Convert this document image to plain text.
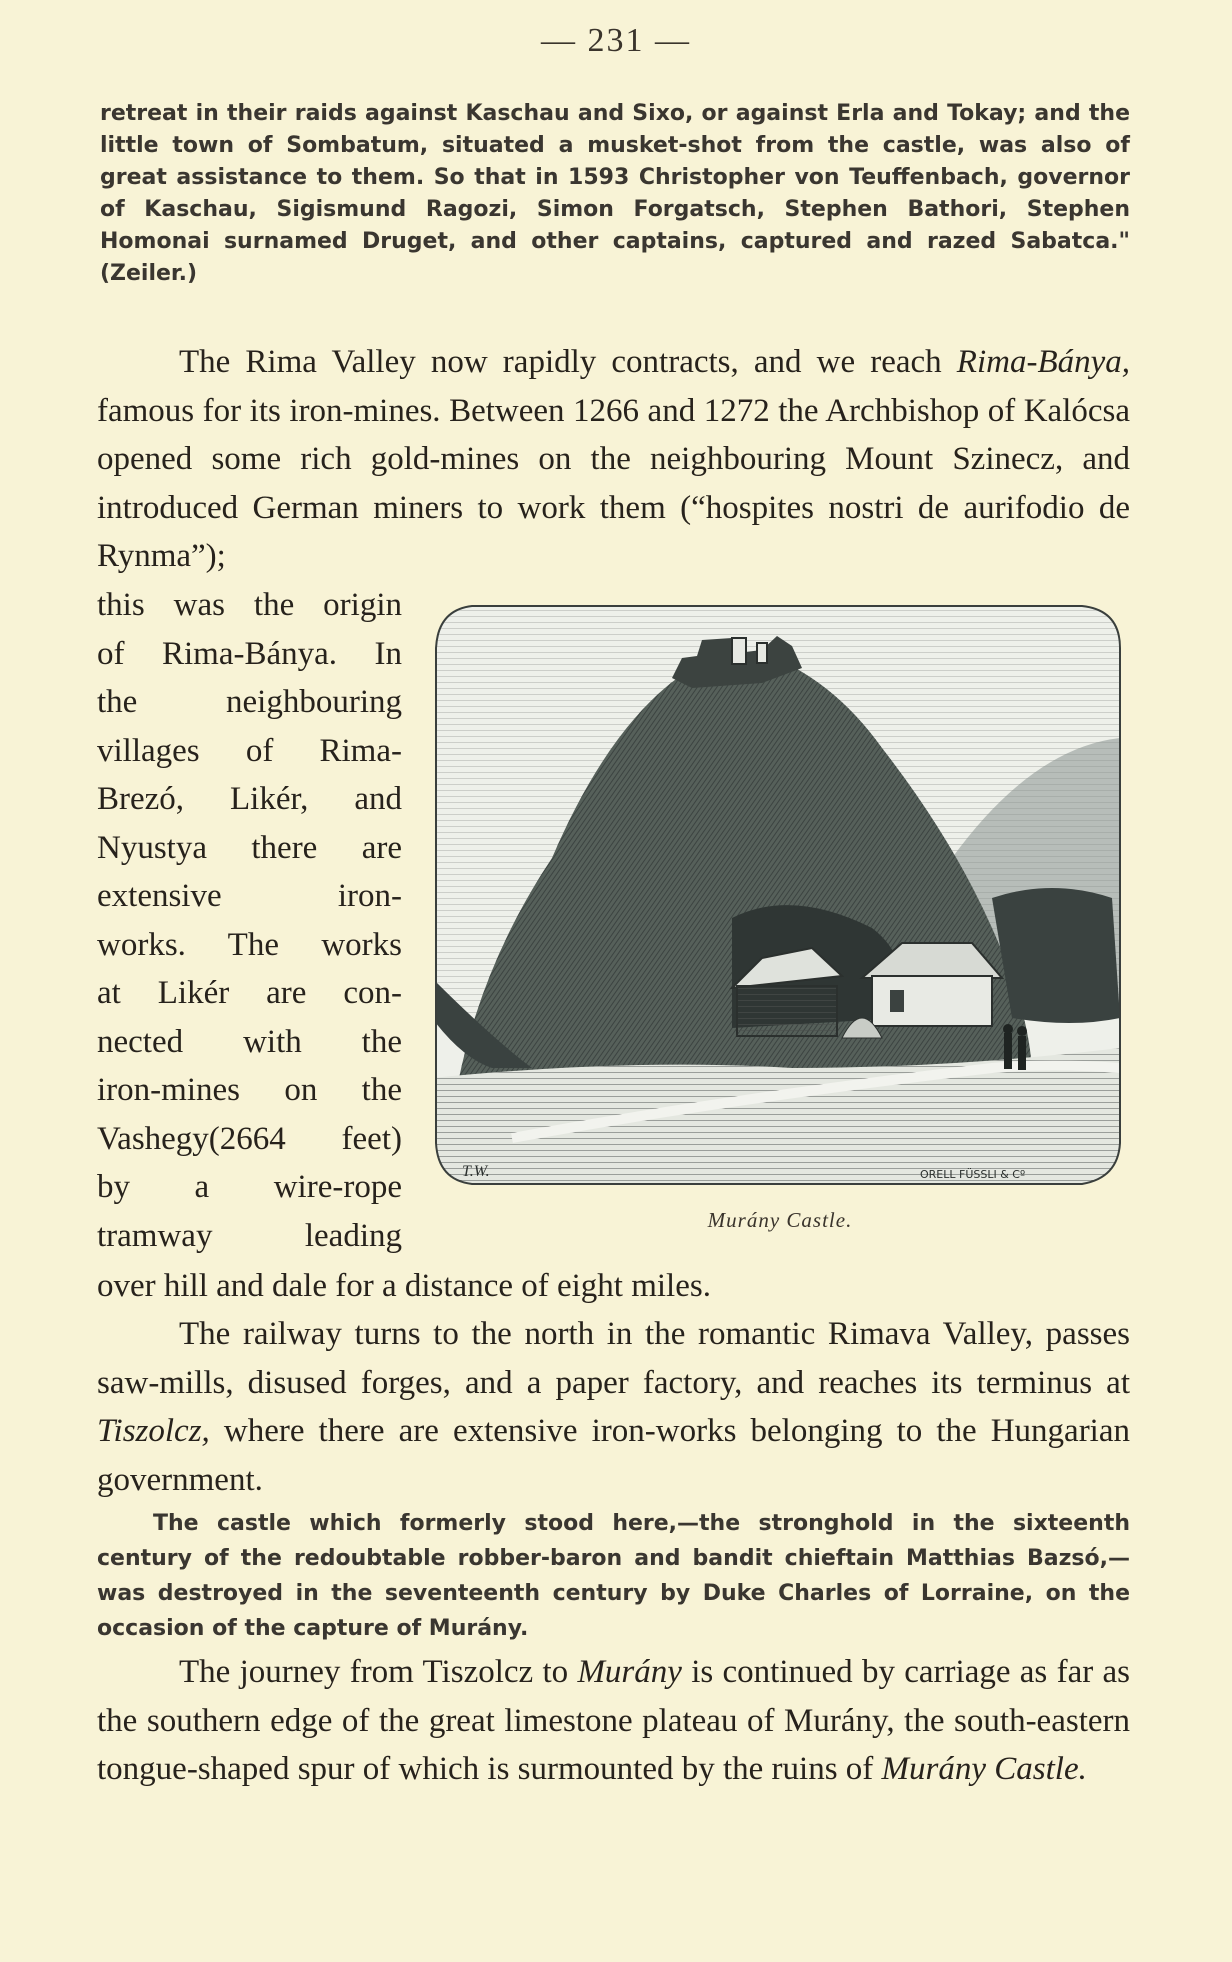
— 231 —

retreat in their raids against Kaschau and Sixo, or against Erla and Tokay; and the little town of Sombatum, situated a musket-shot from the castle, was also of great assistance to them. So that in 1593 Christopher von Teuffenbach, governor of Kaschau, Sigismund Ragozi, Simon Forgatsch, Stephen Bathori, Stephen Homonai surnamed Druget, and other captains, captured and razed Sabatca." (Zeiler.)

The Rima Valley now rapidly contracts, and we reach Rima-Bánya, famous for its iron-mines. Between 1266 and 1272 the Archbishop of Kalócsa opened some rich gold-mines on the neighbouring Mount Szinecz, and introduced German miners to work them (“hospites nostri de aurifodio de Rynma”);

this was the origin
of Rima-Bánya. In
the neighbouring
villages of Rima-
Brezó, Likér, and
Nyustya there are
extensive iron-
works. The works
at Likér are con-
nected with the
iron-mines on the
Vashegy(2664 feet)
by a wire-rope
tramway leading
T.W.	ORELL FÜSSLI & Cº
Murány Castle.

over hill and dale for a distance of eight miles.

The railway turns to the north in the romantic Rimava Valley, passes saw-mills, disused forges, and a paper factory, and reaches its terminus at Tiszolcz, where there are extensive iron-works belonging to the Hungarian government.

The castle which formerly stood here,—the stronghold in the sixteenth century of the redoubtable robber-baron and bandit chieftain Matthias Bazsó,—was destroyed in the seventeenth century by Duke Charles of Lorraine, on the occasion of the capture of Murány.

The journey from Tiszolcz to Murány is continued by carriage as far as the southern edge of the great limestone plateau of Murány, the south-eastern tongue-shaped spur of which is surmounted by the ruins of Murány Castle.
